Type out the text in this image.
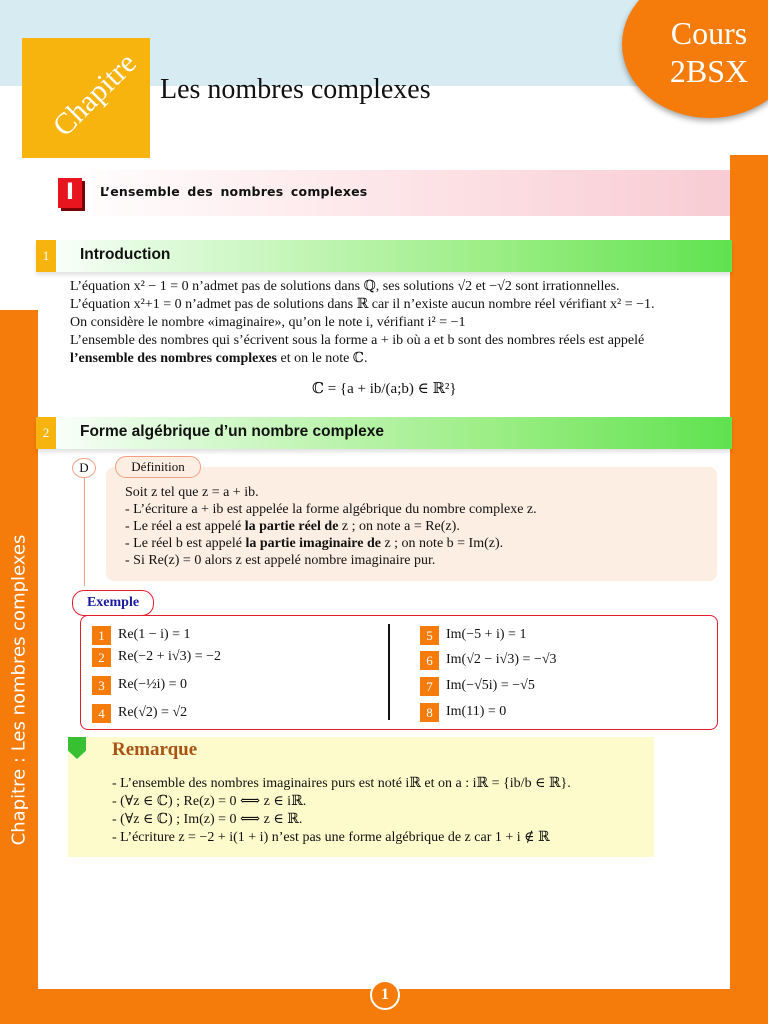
Chapitre Les nombres complexes
Cours
2BSX
Chapitre : Les nombres complexes
1
I	L’ensemble des nombres complexes
1	Introduction
L’équation x² − 1 = 0 n’admet pas de solutions dans ℚ, ses solutions √2 et −√2 sont irrationnelles.
L’équation x²+1 = 0 n’admet pas de solutions dans ℝ car il n’existe aucun nombre réel vérifiant x² = −1.
On considère le nombre «imaginaire», qu’on le note i, vérifiant i² = −1
L’ensemble des nombres qui s’écrivent sous la forme a + ib où a et b sont des nombres réels est appelé
l’ensemble des nombres complexes et on le note ℂ.
ℂ = {a + ib/(a;b) ∈ ℝ²}
2	Forme algébrique d’un nombre complexe
D	Définition
Soit z tel que z = a + ib.
- L’écriture a + ib est appelée la forme algébrique du nombre complexe z.
- Le réel a est appelé la partie réel de z ; on note a = Re(z).
- Le réel b est appelé la partie imaginaire de z ; on note b = Im(z).
- Si Re(z) = 0 alors z est appelé nombre imaginaire pur.
Exemple
1 Re(1 − i) = 1
2 Re(−2 + i√3) = −2
3 Re(−½i) = 0
4 Re(√2) = √2
5 Im(−5 + i) = 1
6 Im(√2 − i√3) = −√3
7 Im(−√5i) = −√5
8 Im(11) = 0
Remarque
- L’ensemble des nombres imaginaires purs est noté iℝ et on a : iℝ = {ib/b ∈ ℝ}.
- (∀z ∈ ℂ) ; Re(z) = 0 ⟺ z ∈ iℝ.
- (∀z ∈ ℂ) ; Im(z) = 0 ⟺ z ∈ ℝ.
- L’écriture z = −2 + i(1 + i) n’est pas une forme algébrique de z car 1 + i ∉ ℝ
